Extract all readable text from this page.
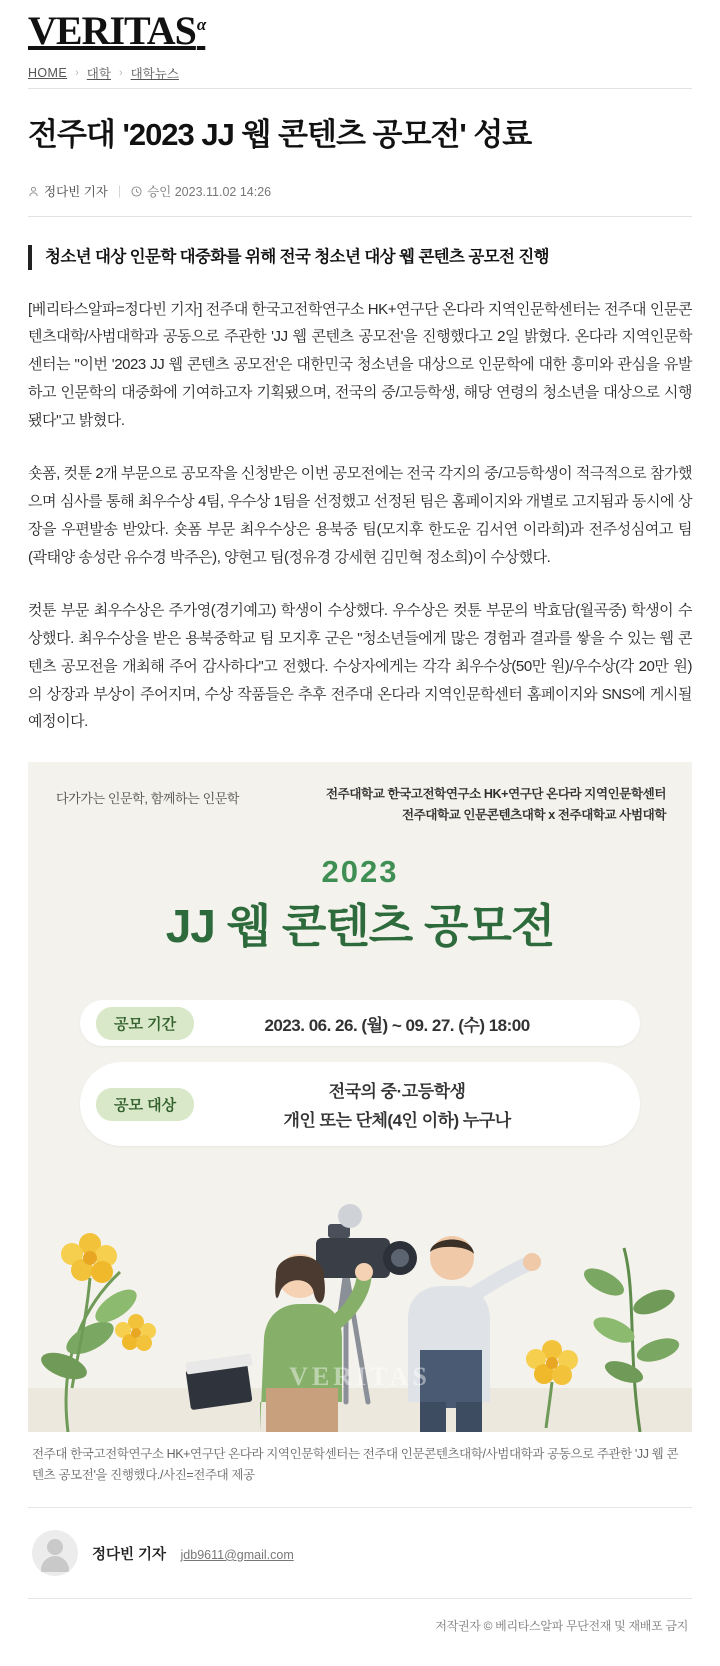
VERITAS$^\alpha$
HOME › 대학 › 대학뉴스
전주대 '2023 JJ 웹 콘텐츠 공모전' 성료
정다빈 기자 | 승인 2023.11.02 14:26
청소년 대상 인문학 대중화를 위해 전국 청소년 대상 웹 콘텐츠 공모전 진행

[베리타스알파=정다빈 기자] 전주대 한국고전학연구소 HK+연구단 온다라 지역인문학센터는 전주대 인문콘텐츠대학/사범대학과 공동으로 주관한 'JJ 웹 콘텐츠 공모전'을 진행했다고 2일 밝혔다. 온다라 지역인문학센터는 "이번 '2023 JJ 웹 콘텐츠 공모전'은 대한민국 청소년을 대상으로 인문학에 대한 흥미와 관심을 유발하고 인문학의 대중화에 기여하고자 기획됐으며, 전국의 중/고등학생, 해당 연령의 청소년을 대상으로 시행됐다"고 밝혔다.

숏폼, 컷툰 2개 부문으로 공모작을 신청받은 이번 공모전에는 전국 각지의 중/고등학생이 적극적으로 참가했으며 심사를 통해 최우수상 4팀, 우수상 1팀을 선정했고 선정된 팀은 홈페이지와 개별로 고지됨과 동시에 상장을 우편발송 받았다. 숏폼 부문 최우수상은 용북중 팀(모지후 한도운 김서연 이라희)과 전주성심여고 팀(곽태양 송성란 유수경 박주은), 양현고 팀(정유경 강세현 김민혁 정소희)이 수상했다.

컷툰 부문 최우수상은 주가영(경기예고) 학생이 수상했다. 우수상은 컷툰 부문의 박효담(월곡중) 학생이 수상했다. 최우수상을 받은 용북중학교 팀 모지후 군은 "청소년들에게 많은 경험과 결과를 쌓을 수 있는 웹 콘텐츠 공모전을 개최해 주어 감사하다"고 전했다. 수상자에게는 각각 최우수상(50만 원)/우수상(각 20만 원)의 상장과 부상이 주어지며, 수상 작품들은 추후 전주대 온다라 지역인문학센터 홈페이지와 SNS에 게시될 예정이다.

다가가는 인문학, 함께하는 인문학	전주대학교 한국고전학연구소 HK+연구단 온다라 지역인문학센터
전주대학교 인문콘텐츠대학 x 전주대학교 사범대학
2023
JJ 웹 콘텐츠 공모전
공모 기간	2023. 06. 26. (월) ~ 09. 27. (수) 18:00
공모 대상
전국의 중·고등학생
개인 또는 단체(4인 이하) 누구나
VERITAS
전주대 한국고전학연구소 HK+연구단 온다라 지역인문학센터는 전주대 인문콘텐츠대학/사범대학과 공동으로 주관한 'JJ 웹 콘텐츠 공모전'을 진행했다./사진=전주대 제공
정다빈 기자 jdb9611@gmail.com
저작권자 © 베리타스알파 무단전재 및 재배포 금지
